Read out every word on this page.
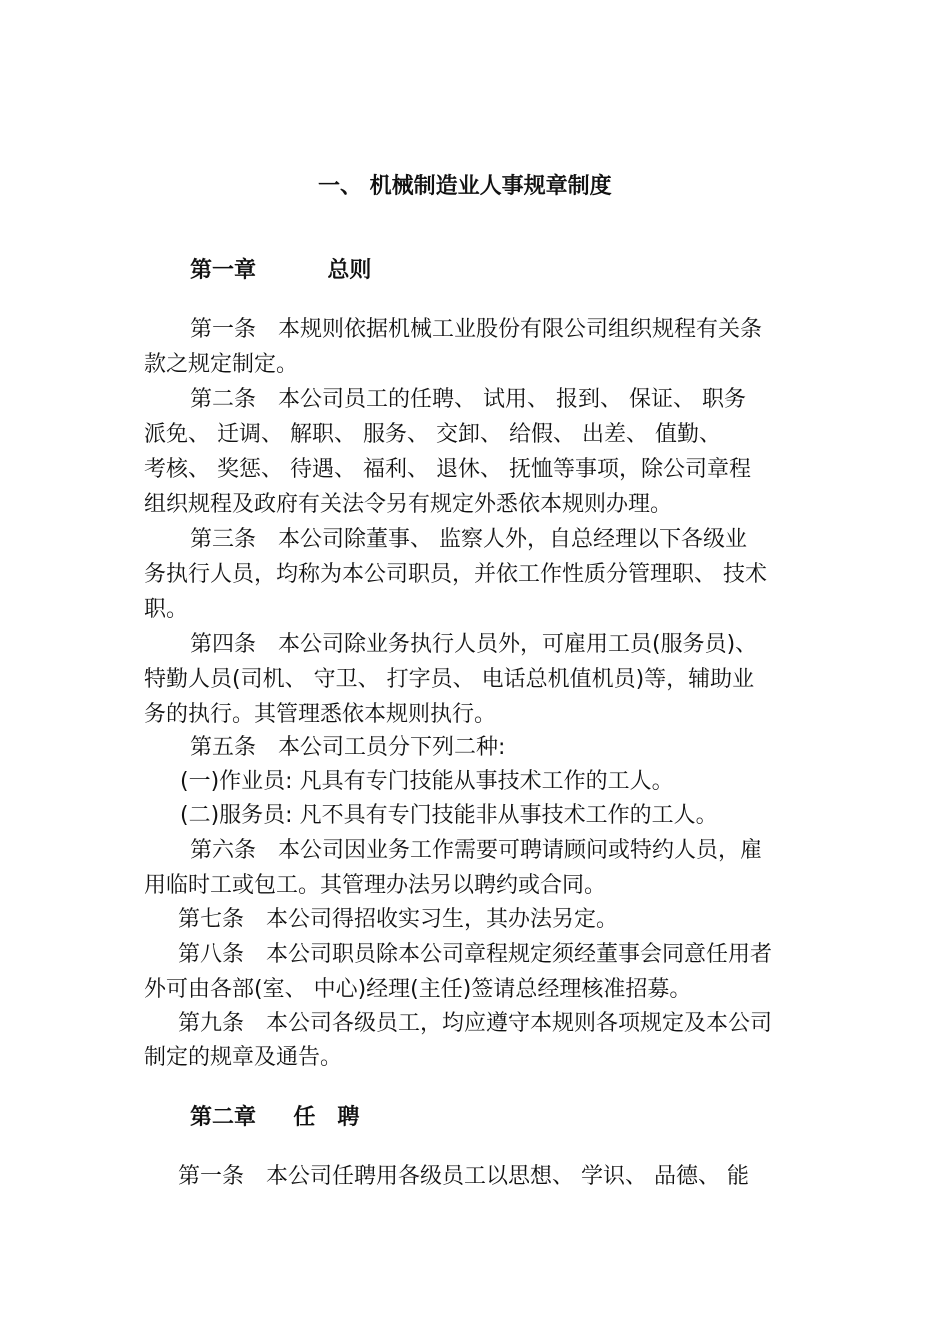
一、 机械制造业人事规章制度
第一章	总则
第一条　本规则依据机械工业股份有限公司组织规程有关条
款之规定制定。
第二条　本公司员工的任聘、 试用、 报到、 保证、 职务
派免、 迁调、 解职、 服务、 交卸、 给假、 出差、 值勤、
考核、 奖惩、 待遇、 福利、 退休、 抚恤等事项，除公司章程
组织规程及政府有关法令另有规定外悉依本规则办理。
第三条　本公司除董事、 监察人外，自总经理以下各级业
务执行人员，均称为本公司职员，并依工作性质分管理职、 技术
职。
第四条　本公司除业务执行人员外，可雇用工员(服务员)、
特勤人员(司机、 守卫、 打字员、 电话总机值机员)等，辅助业
务的执行。其管理悉依本规则执行。
第五条　本公司工员分下列二种:
(一)作业员: 凡具有专门技能从事技术工作的工人。
(二)服务员: 凡不具有专门技能非从事技术工作的工人。
第六条　本公司因业务工作需要可聘请顾问或特约人员，雇
用临时工或包工。其管理办法另以聘约或合同。
第七条　本公司得招收实习生，其办法另定。
第八条　本公司职员除本公司章程规定须经董事会同意任用者
外可由各部(室、 中心)经理(主任)签请总经理核准招募。
第九条　本公司各级员工，均应遵守本规则各项规定及本公司
制定的规章及通告。
第二章 任　聘
第一条　本公司任聘用各级员工以思想、 学识、 品德、 能
